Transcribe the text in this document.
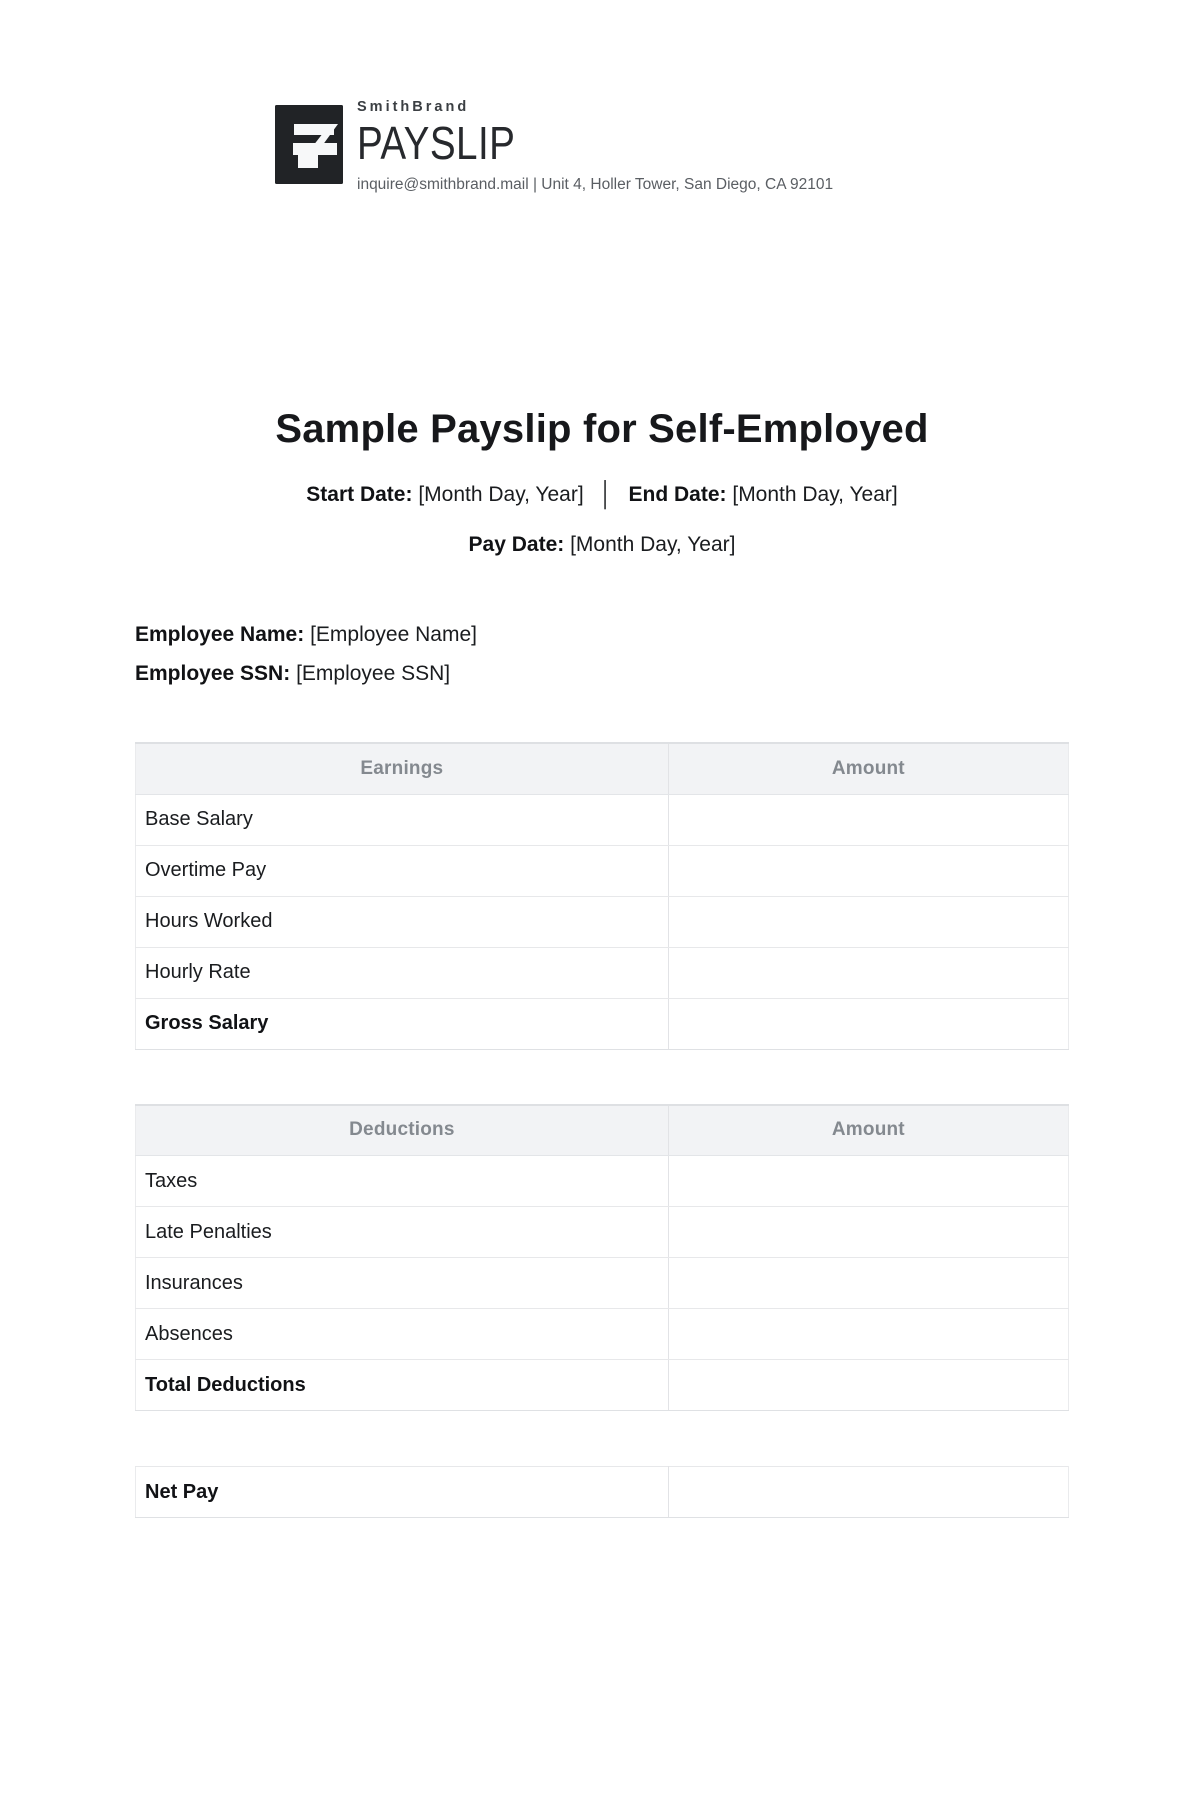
SmithBrand
PAYSLIP
inquire@smithbrand.mail | Unit 4, Holler Tower, San Diego, CA 92101
Sample Payslip for Self-Employed

Start Date: [Month Day, Year] │ End Date: [Month Day, Year]

Pay Date: [Month Day, Year]

Employee Name: [Employee Name]

Employee SSN: [Employee SSN]

Earnings	Amount
Base Salary	
Overtime Pay	
Hours Worked	
Hourly Rate	
Gross Salary	
Deductions	Amount
Taxes	
Late Penalties	
Insurances	
Absences	
Total Deductions	
Net Pay	
